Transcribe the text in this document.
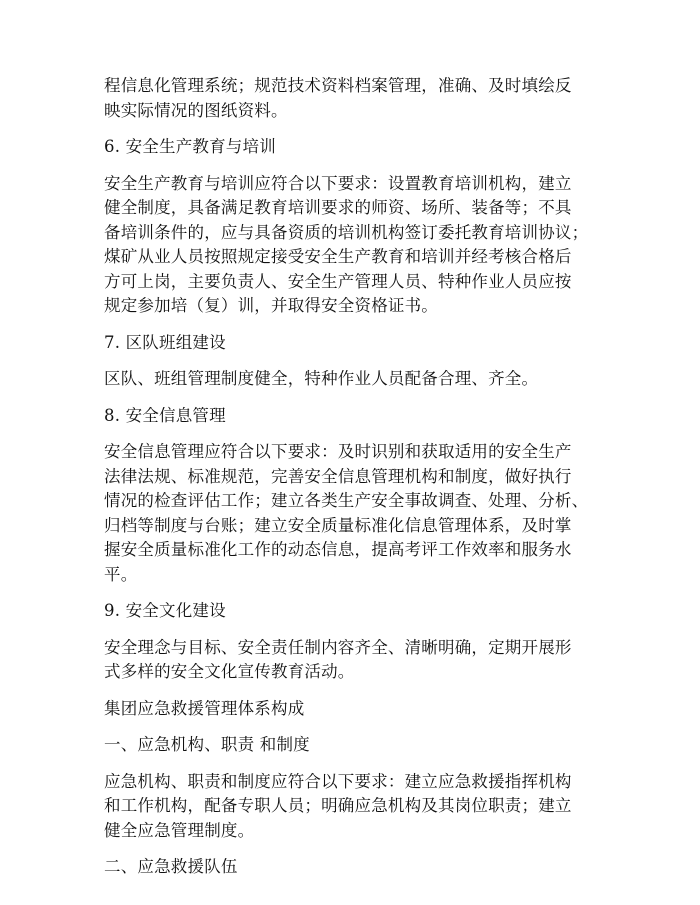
程信息化管理系统；规范技术资料档案管理，准确、及时填绘反
映实际情况的图纸资料。
6. 安全生产教育与培训
安全生产教育与培训应符合以下要求：设置教育培训机构，建立
健全制度，具备满足教育培训要求的师资、场所、装备等；不具
备培训条件的，应与具备资质的培训机构签订委托教育培训协议；
煤矿从业人员按照规定接受安全生产教育和培训并经考核合格后
方可上岗，主要负责人、安全生产管理人员、特种作业人员应按
规定参加培（复）训，并取得安全资格证书。
7. 区队班组建设
区队、班组管理制度健全，特种作业人员配备合理、齐全。
8. 安全信息管理
安全信息管理应符合以下要求：及时识别和获取适用的安全生产
法律法规、标准规范，完善安全信息管理机构和制度，做好执行
情况的检查评估工作；建立各类生产安全事故调查、处理、分析、
归档等制度与台账；建立安全质量标准化信息管理体系，及时掌
握安全质量标准化工作的动态信息，提高考评工作效率和服务水
平。
9. 安全文化建设
安全理念与目标、安全责任制内容齐全、清晰明确，定期开展形
式多样的安全文化宣传教育活动。
集团应急救援管理体系构成
一、应急机构、职责 和制度
应急机构、职责和制度应符合以下要求：建立应急救援指挥机构
和工作机构，配备专职人员；明确应急机构及其岗位职责；建立
健全应急管理制度。
二、应急救援队伍
